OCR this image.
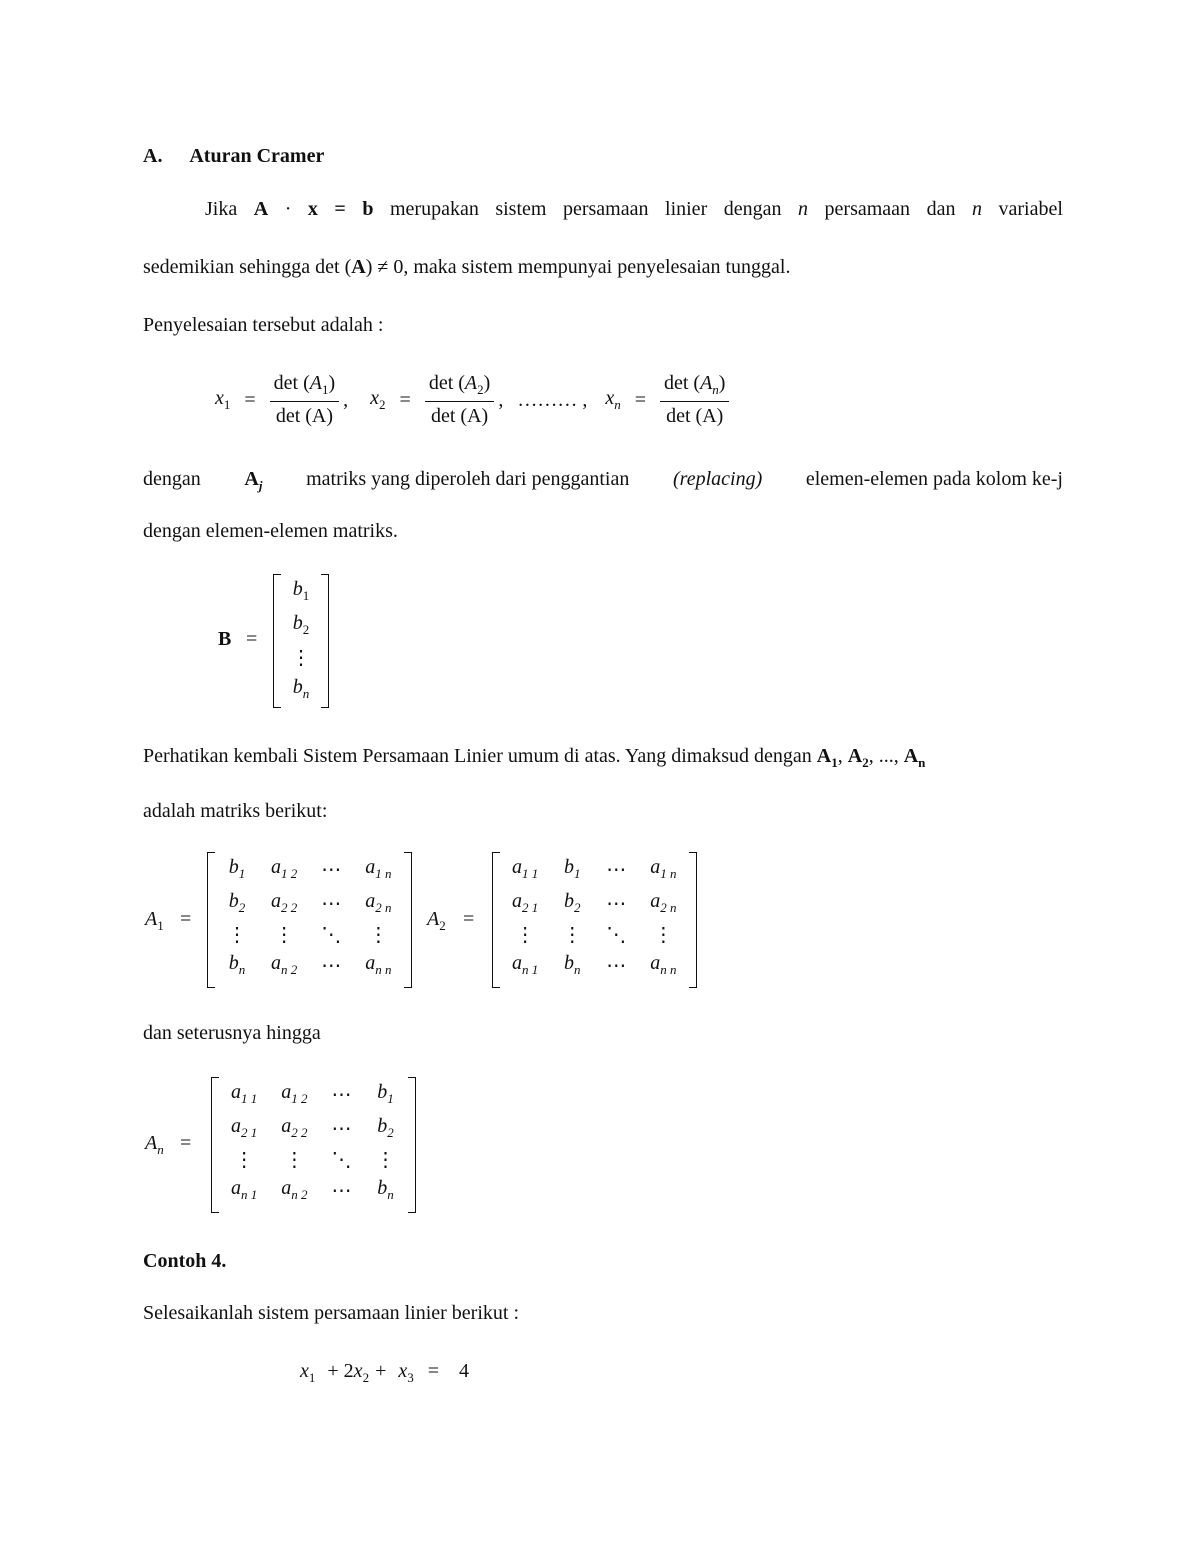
A. Aturan Cramer
Jika A · x = b merupakan sistem persamaan linier dengan n persamaan dan n variabel
sedemikian sehingga det (A) ≠ 0, maka sistem mempunyai penyelesaian tunggal.
Penyelesaian tersebut adalah :
$x_1 = \frac{\det (A_1)}{\det (A)}$ ,	$x_2 = \frac{\det (A_2)}{\det (A)}$ , ……… , $x_n = \frac{\det (A_n)}{\det (A)}$
dengan $A_j$ matriks yang diperoleh dari penggantian (replacing) elemen-elemen pada kolom ke-j
dengan elemen-elemen matriks.
B =
$b_1$
$b_2$
⋮
$b_n$
Perhatikan kembali Sistem Persamaan Linier umum di atas. Yang dimaksud dengan $A_1$, $A_2$, ..., $A_n$
adalah matriks berikut:
$A_1$ =
$b_1$	$a_{1 2}$	⋯	$a_{1 n}$
$b_2$	$a_{2 2}$	⋯	$a_{2 n}$
⋮	⋮	⋱	⋮
$b_n$	$a_{n 2}$	⋯	$a_{n n}$
$A_2$ =
$a_{1 1}$	$b_1$	⋯	$a_{1 n}$
$a_{2 1}$	$b_2$	⋯	$a_{2 n}$
⋮	⋮	⋱	⋮
$a_{n 1}$	$b_n$	⋯	$a_{n n}$
dan seterusnya hingga
$A_n$ =
$a_{1 1}$	$a_{1 2}$	⋯	$b_1$
$a_{2 1}$	$a_{2 2}$	⋯	$b_2$
⋮	⋮	⋱	⋮
$a_{n 1}$	$a_{n 2}$	⋯	$b_n$
Contoh 4.
Selesaikanlah sistem persamaan linier berikut :
$x_1 + 2x_2 + x_3 = 4$
